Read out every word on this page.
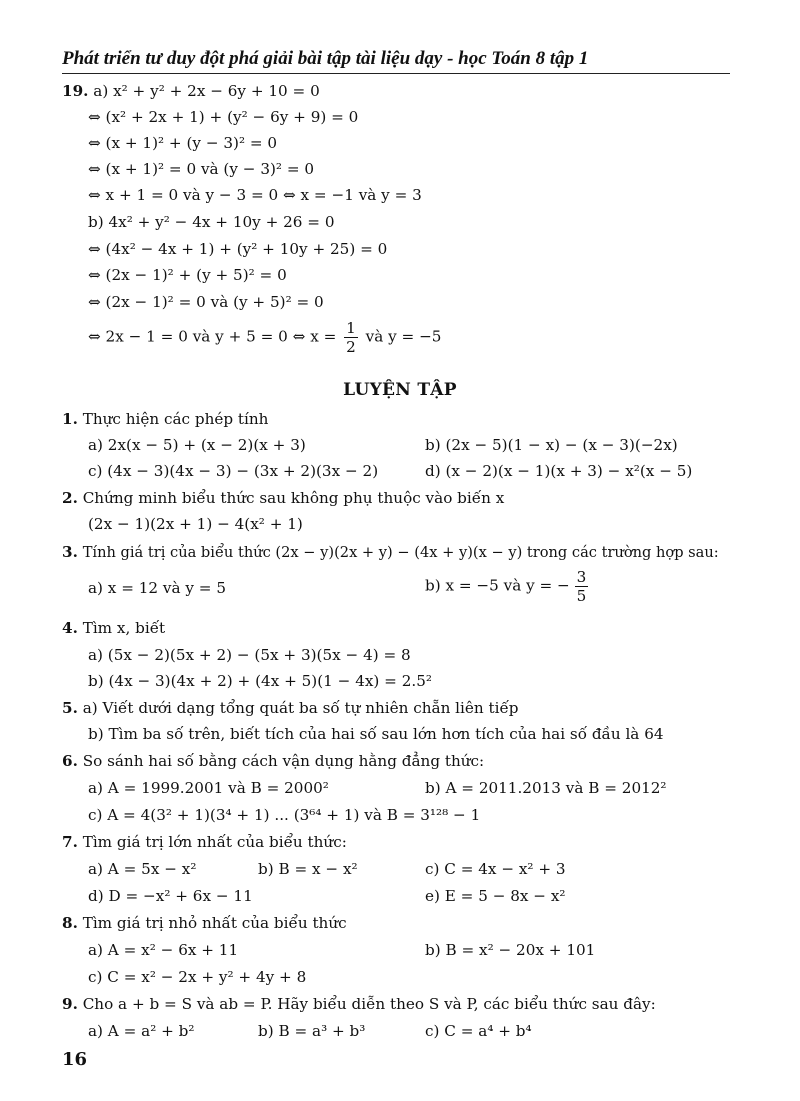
Phát triển tư duy đột phá giải bài tập tài liệu dạy - học Toán 8 tập 1
19. a) x² + y² + 2x − 6y + 10 = 0
⇔ (x² + 2x + 1) + (y² − 6y + 9) = 0
⇔ (x + 1)² + (y − 3)² = 0
⇔ (x + 1)² = 0 và (y − 3)² = 0
⇔ x + 1 = 0 và y − 3 = 0 ⇔ x = −1 và y = 3
b) 4x² + y² − 4x + 10y + 26 = 0
⇔ (4x² − 4x + 1) + (y² + 10y + 25) = 0
⇔ (2x − 1)² + (y + 5)² = 0
⇔ (2x − 1)² = 0 và (y + 5)² = 0
⇔ 2x − 1 = 0 và y + 5 = 0 ⇔ $x = \frac{1}{2}$ và y = −5
LUYỆN TẬP
1. Thực hiện các phép tính
a) 2x(x − 5) + (x − 2)(x + 3)	b) (2x − 5)(1 − x) − (x − 3)(−2x)
c) (4x − 3)(4x − 3) − (3x + 2)(3x − 2)	d) (x − 2)(x − 1)(x + 3) − x²(x − 5)
2. Chứng minh biểu thức sau không phụ thuộc vào biến x
(2x − 1)(2x + 1) − 4(x² + 1)
3. Tính giá trị của biểu thức (2x − y)(2x + y) − (4x + y)(x − y) trong các trường hợp sau:
a) x = 12 và y = 5	b) x = −5 và y = − $\frac{3}{5}$
4. Tìm x, biết
a) (5x − 2)(5x + 2) − (5x + 3)(5x − 4) = 8
b) (4x − 3)(4x + 2) + (4x + 5)(1 − 4x) = 2.5²
5. a) Viết dưới dạng tổng quát ba số tự nhiên chẵn liên tiếp
b) Tìm ba số trên, biết tích của hai số sau lớn hơn tích của hai số đầu là 64
6. So sánh hai số bằng cách vận dụng hằng đẳng thức:
a) A = 1999.2001 và B = 2000²	b) A = 2011.2013 và B = 2012²
c) A = 4(3² + 1)(3⁴ + 1) ... (3⁶⁴ + 1) và B = 3¹²⁸ − 1
7. Tìm giá trị lớn nhất của biểu thức:
a) A = 5x − x²	b) B = x − x²	c) C = 4x − x² + 3
d) D = −x² + 6x − 11	e) E = 5 − 8x − x²
8. Tìm giá trị nhỏ nhất của biểu thức
a) A = x² − 6x + 11	b) B = x² − 20x + 101
c) C = x² − 2x + y² + 4y + 8
9. Cho a + b = S và ab = P. Hãy biểu diễn theo S và P, các biểu thức sau đây:
a) A = a² + b²	b) B = a³ + b³	c) C = a⁴ + b⁴
16
